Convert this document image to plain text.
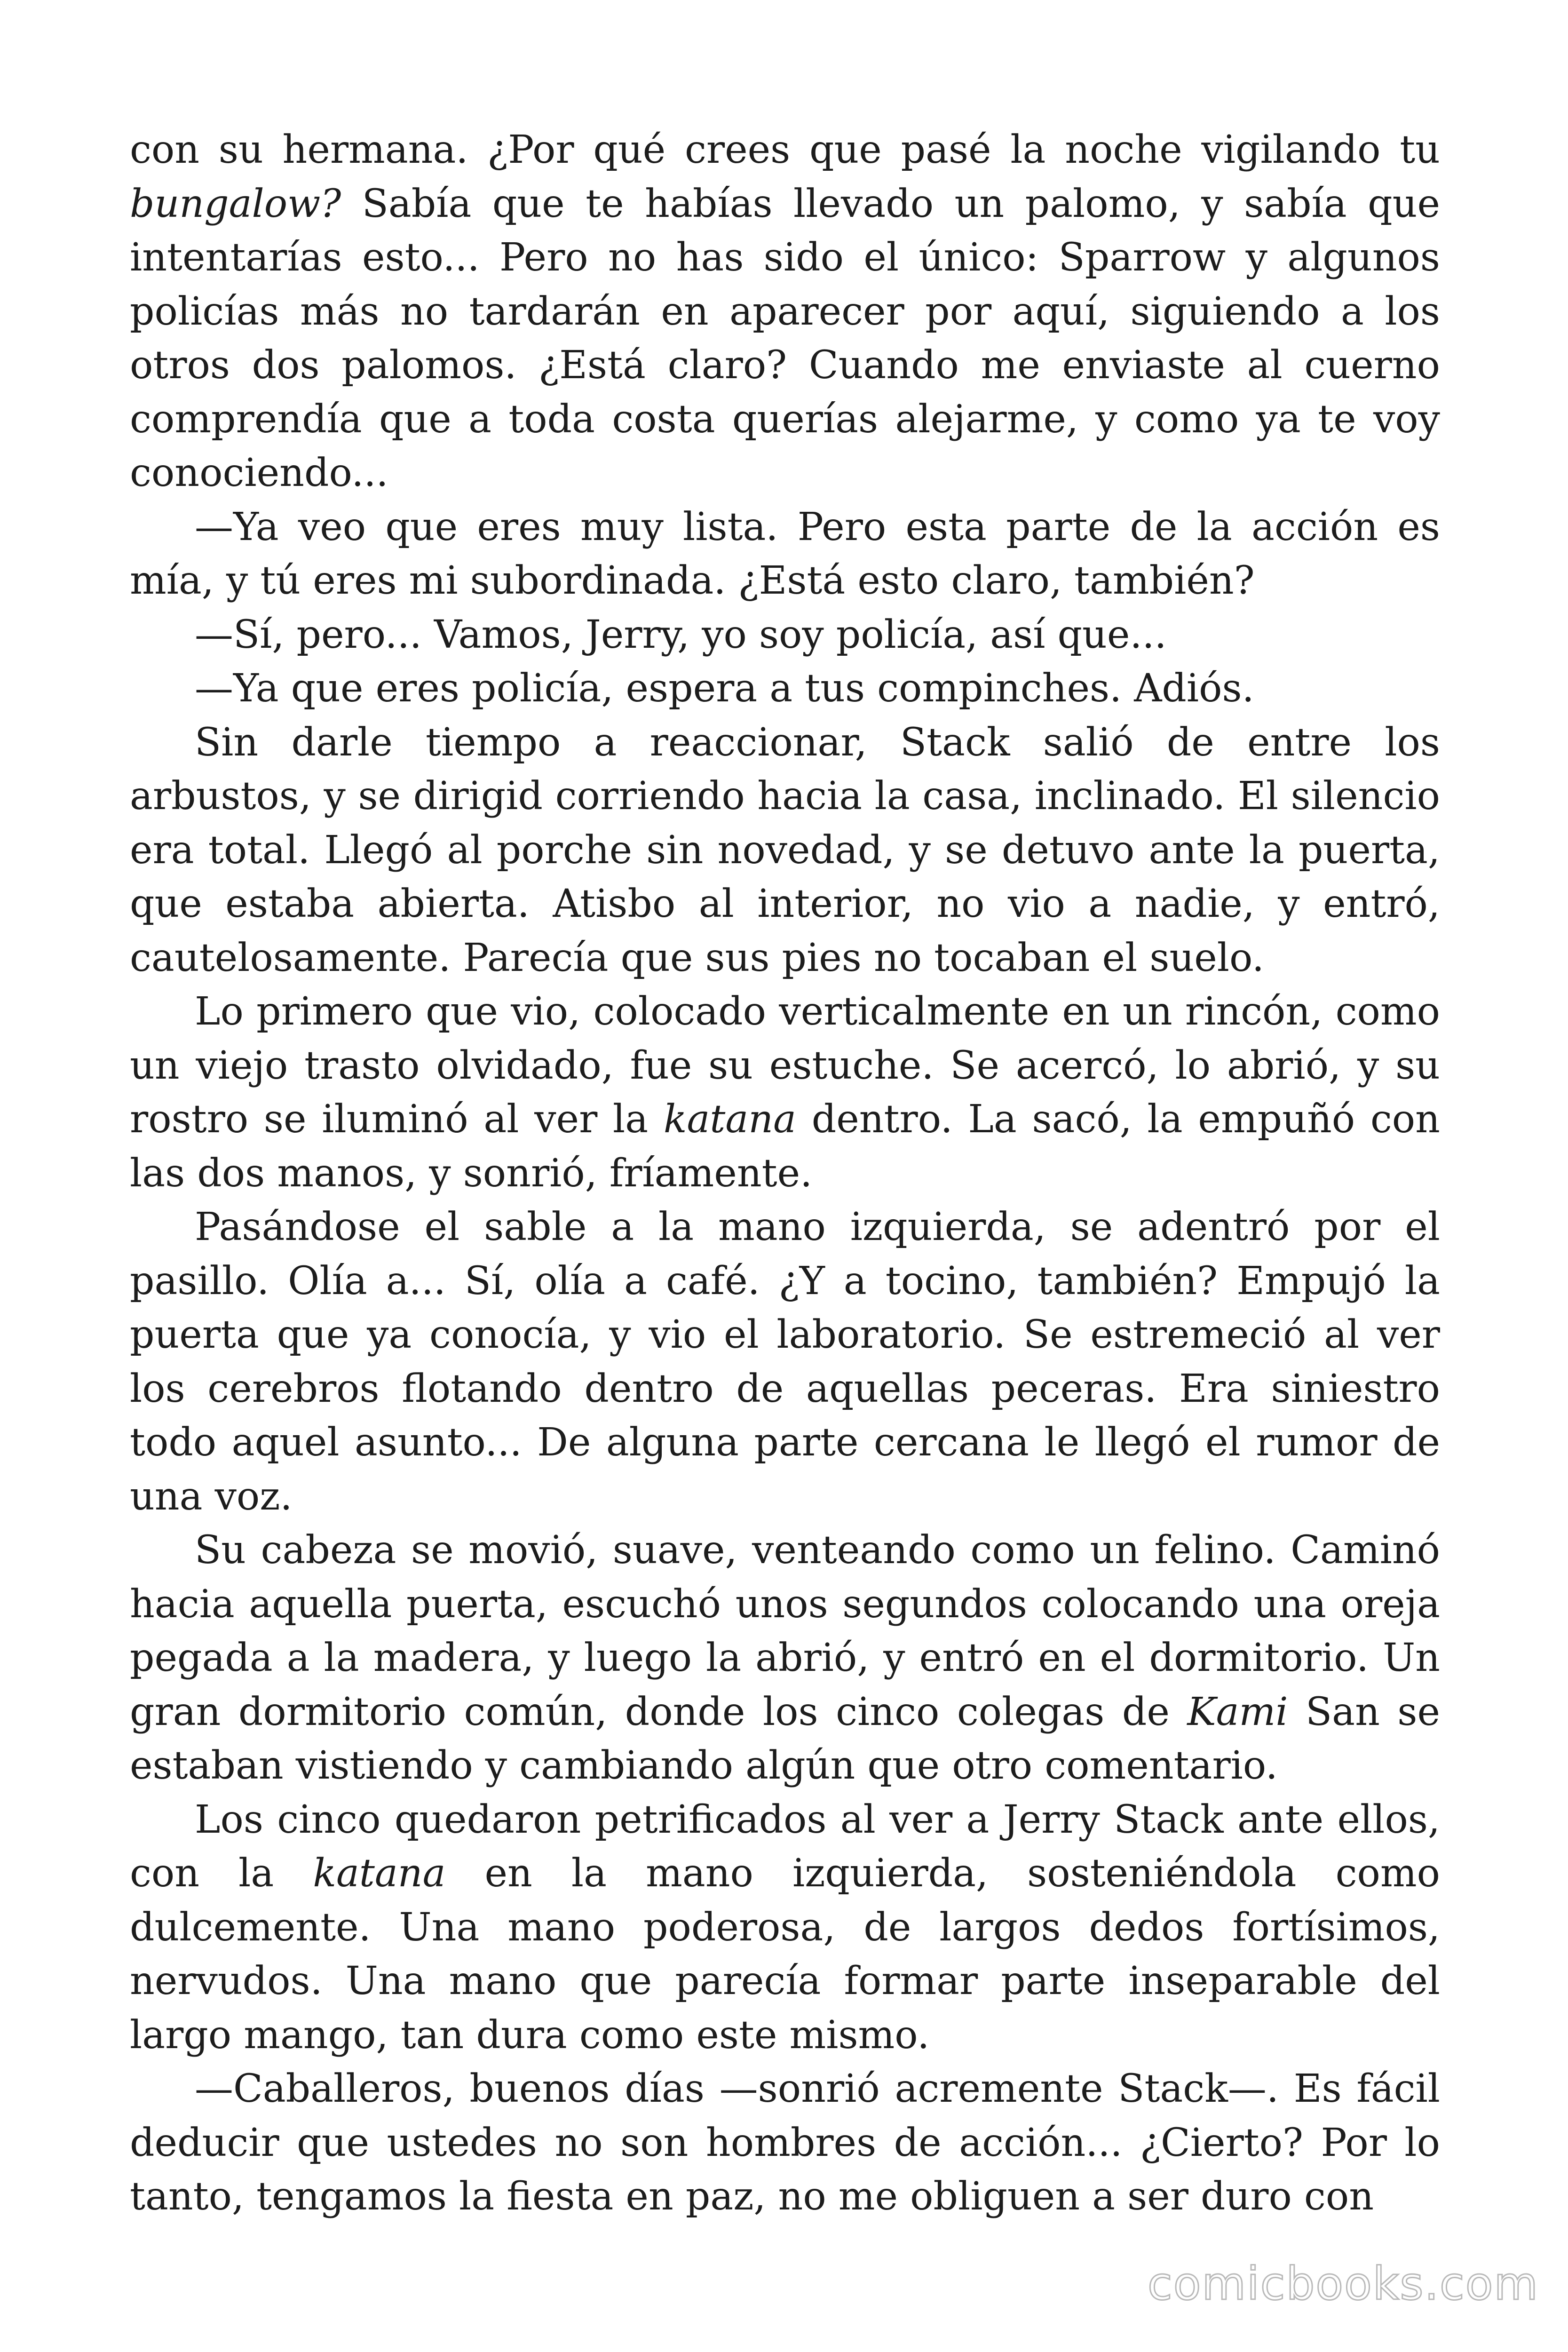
con su hermana. ¿Por qué crees que pasé la noche vigilando tu bungalow? Sabía que te habías llevado un palomo, y sabía que intentarías esto... Pero no has sido el único: Sparrow y algunos policías más no tardarán en aparecer por aquí, siguiendo a los otros dos palomos. ¿Está claro? Cuando me enviaste al cuerno comprendía que a toda costa querías alejarme, y como ya te voy conociendo...

—Ya veo que eres muy lista. Pero esta parte de la acción es mía, y tú eres mi subordinada. ¿Está esto claro, también?

—Sí, pero... Vamos, Jerry, yo soy policía, así que...

—Ya que eres policía, espera a tus compinches. Adiós.

Sin darle tiempo a reaccionar, Stack salió de entre los arbustos, y se dirigid corriendo hacia la casa, inclinado. El silencio era total. Llegó al porche sin novedad, y se detuvo ante la puerta, que estaba abierta. Atisbo al interior, no vio a nadie, y entró, cautelosamente. Parecía que sus pies no tocaban el suelo.

Lo primero que vio, colocado verticalmente en un rincón, como un viejo trasto olvidado, fue su estuche. Se acercó, lo abrió, y su rostro se iluminó al ver la katana dentro. La sacó, la empuñó con las dos manos, y sonrió, fríamente.

Pasándose el sable a la mano izquierda, se adentró por el pasillo. Olía a... Sí, olía a café. ¿Y a tocino, también? Empujó la puerta que ya conocía, y vio el laboratorio. Se estremeció al ver los cerebros flotando dentro de aquellas peceras. Era siniestro todo aquel asunto... De alguna parte cercana le llegó el rumor de una voz.

Su cabeza se movió, suave, venteando como un felino. Caminó hacia aquella puerta, escuchó unos segundos colocando una oreja pegada a la madera, y luego la abrió, y entró en el dormitorio. Un gran dormitorio común, donde los cinco colegas de Kami San se estaban vistiendo y cambiando algún que otro comentario.

Los cinco quedaron petrificados al ver a Jerry Stack ante ellos, con la katana en la mano izquierda, sosteniéndola como dulcemente. Una mano poderosa, de largos dedos fortísimos, nervudos. Una mano que parecía formar parte inseparable del largo mango, tan dura como este mismo.

—Caballeros, buenos días —sonrió acremente Stack—. Es fácil deducir que ustedes no son hombres de acción... ¿Cierto? Por lo tanto, tengamos la fiesta en paz, no me obliguen a ser duro con

comicbooks.com
